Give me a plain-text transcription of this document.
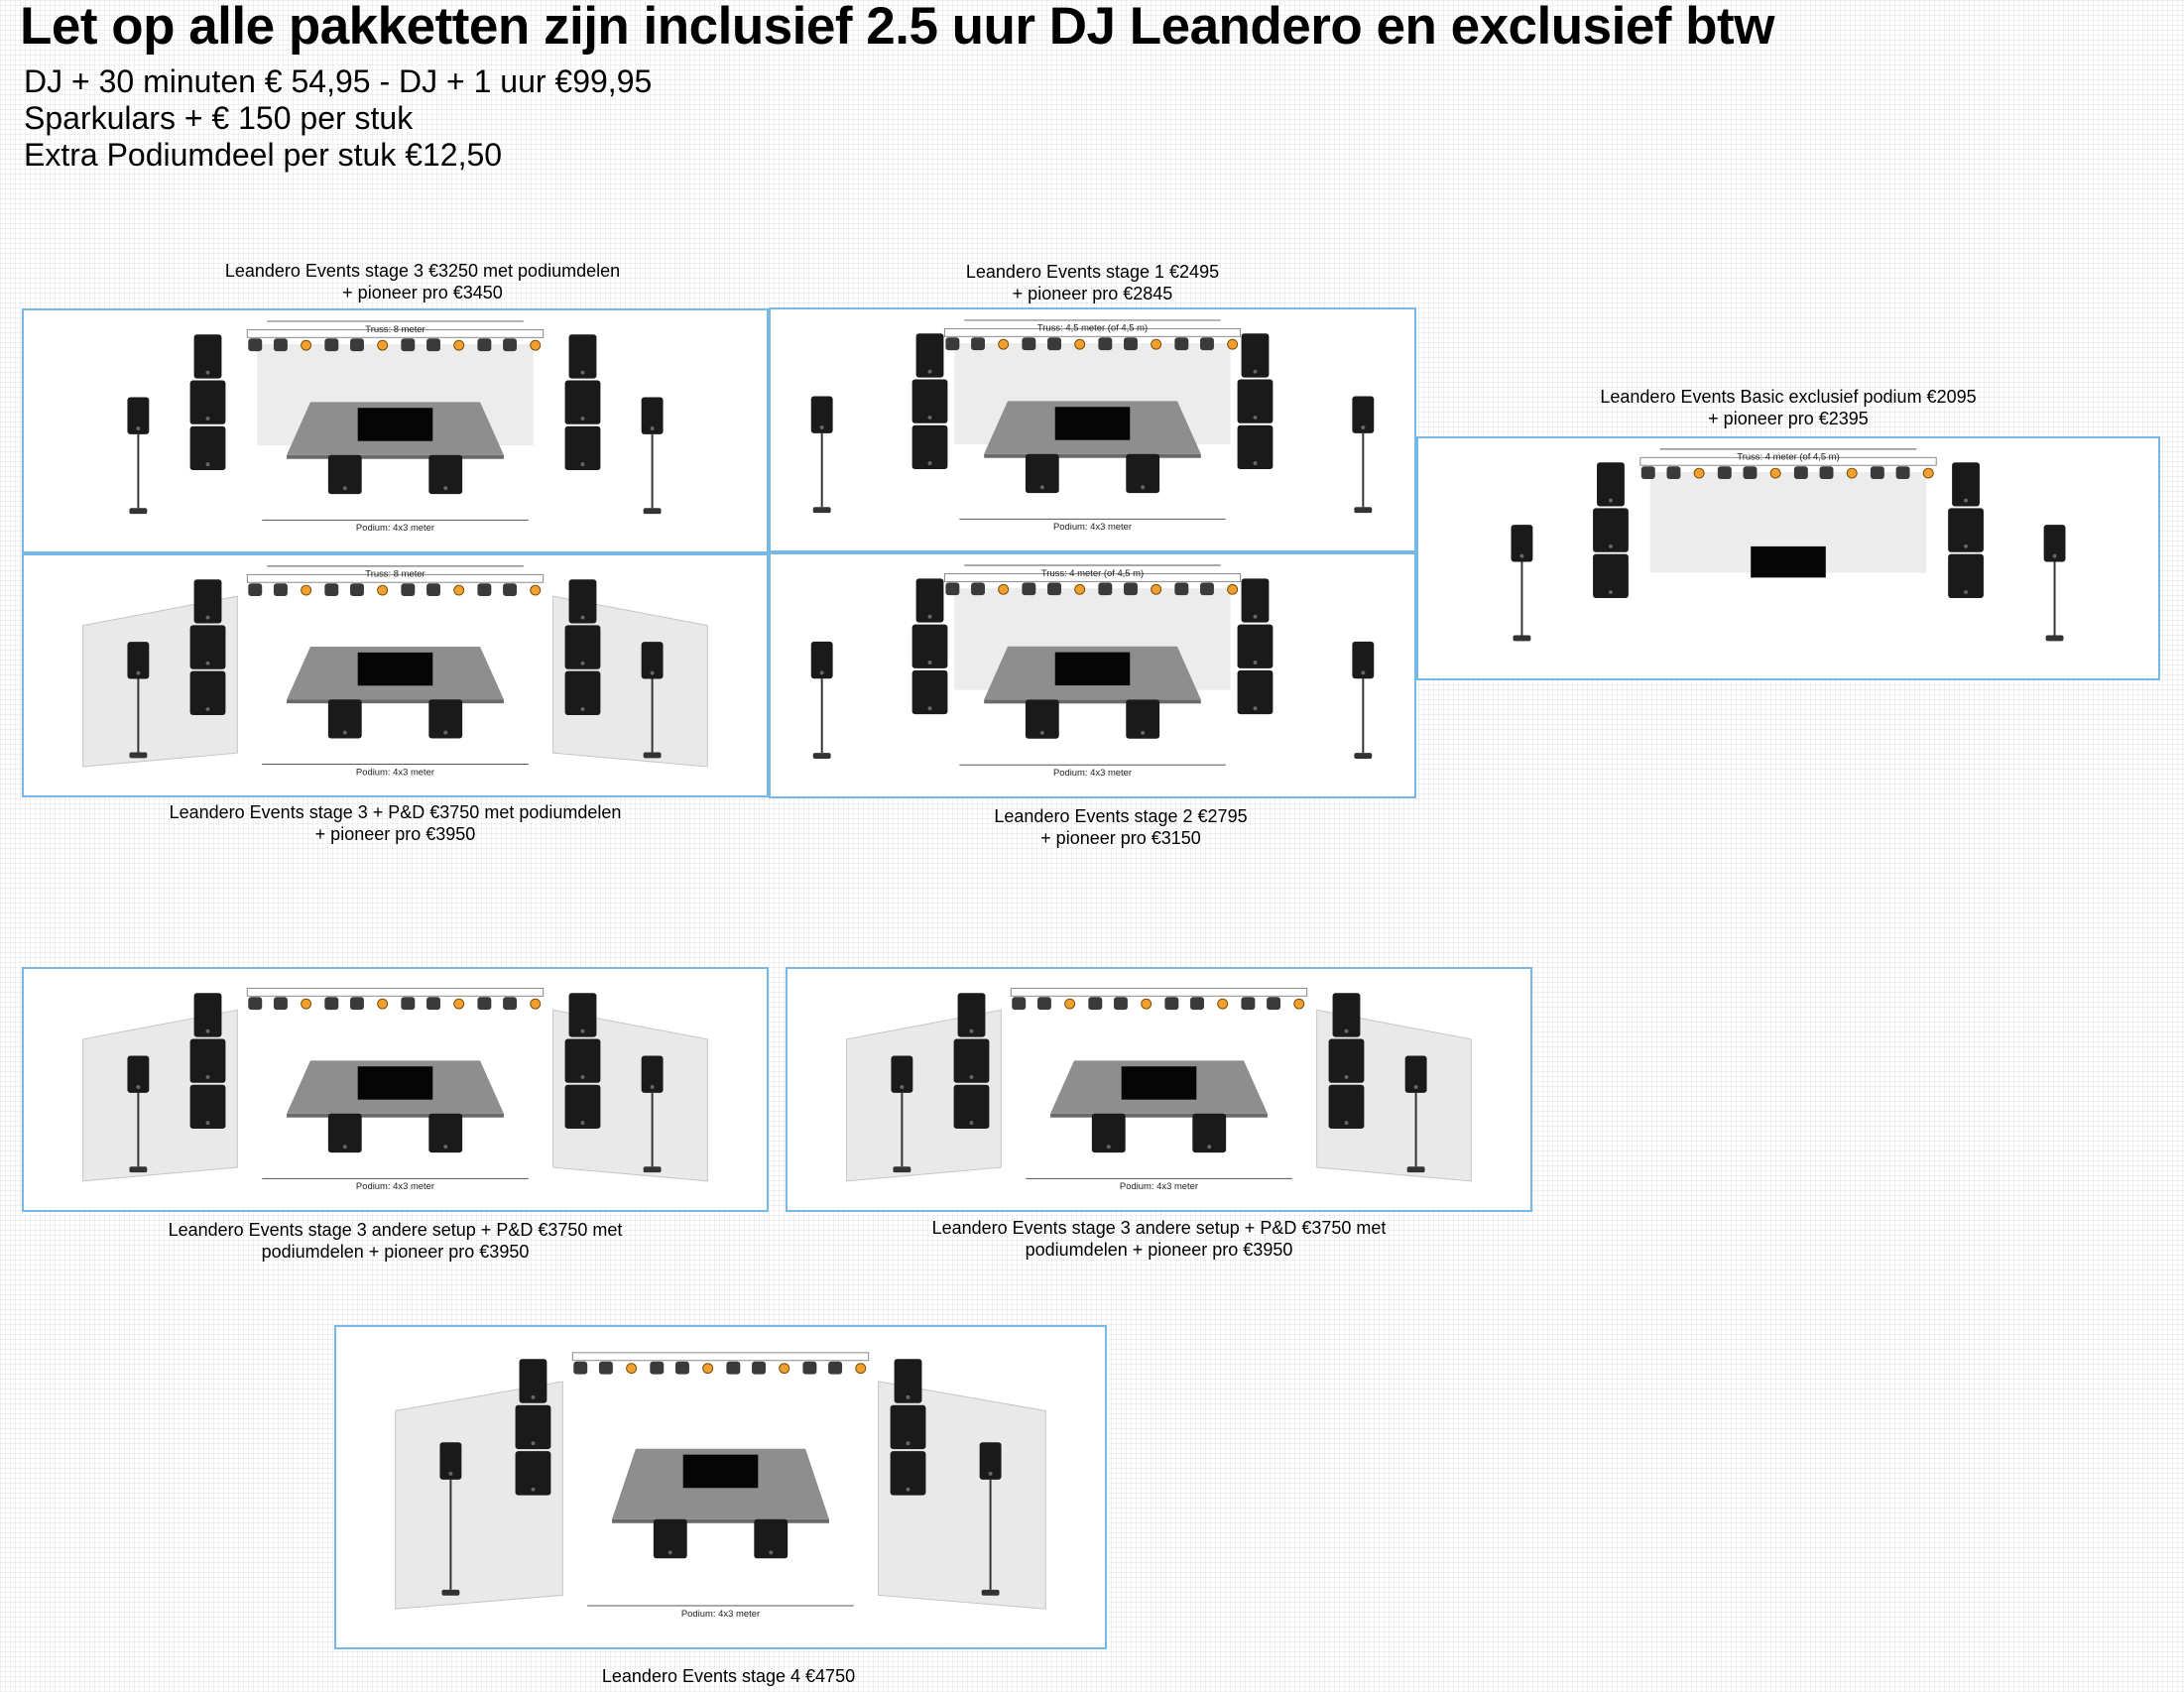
Let op alle pakketten zijn inclusief 2.5 uur DJ Leandero en exclusief btw
DJ + 30 minuten € 54,95 - DJ + 1 uur €99,95
Sparkulars + € 150 per stuk
Extra Podiumdeel per stuk €12,50
Leandero Events stage 3 €3250 met podiumdelen
+ pioneer pro €3450
Truss: 8 meter
Podium: 4x3 meter
Leandero Events stage 1 €2495
+ pioneer pro €2845
Truss: 4,5 meter (of 4,5 m)
Podium: 4x3 meter
Leandero Events Basic exclusief podium €2095
+ pioneer pro €2395
Truss: 4 meter (of 4,5 m)
Truss: 8 meter
Podium: 4x3 meter
Leandero Events stage 3 + P&D €3750 met podiumdelen
+ pioneer pro €3950
Truss: 4 meter (of 4,5 m)
Podium: 4x3 meter
Leandero Events stage 2 €2795
+ pioneer pro €3150
Podium: 4x3 meter
Leandero Events stage 3 andere setup + P&D €3750 met
podiumdelen + pioneer pro €3950
Podium: 4x3 meter
Leandero Events stage 3 andere setup + P&D €3750 met
podiumdelen + pioneer pro €3950
Podium: 4x3 meter
Leandero Events stage 4 €4750
